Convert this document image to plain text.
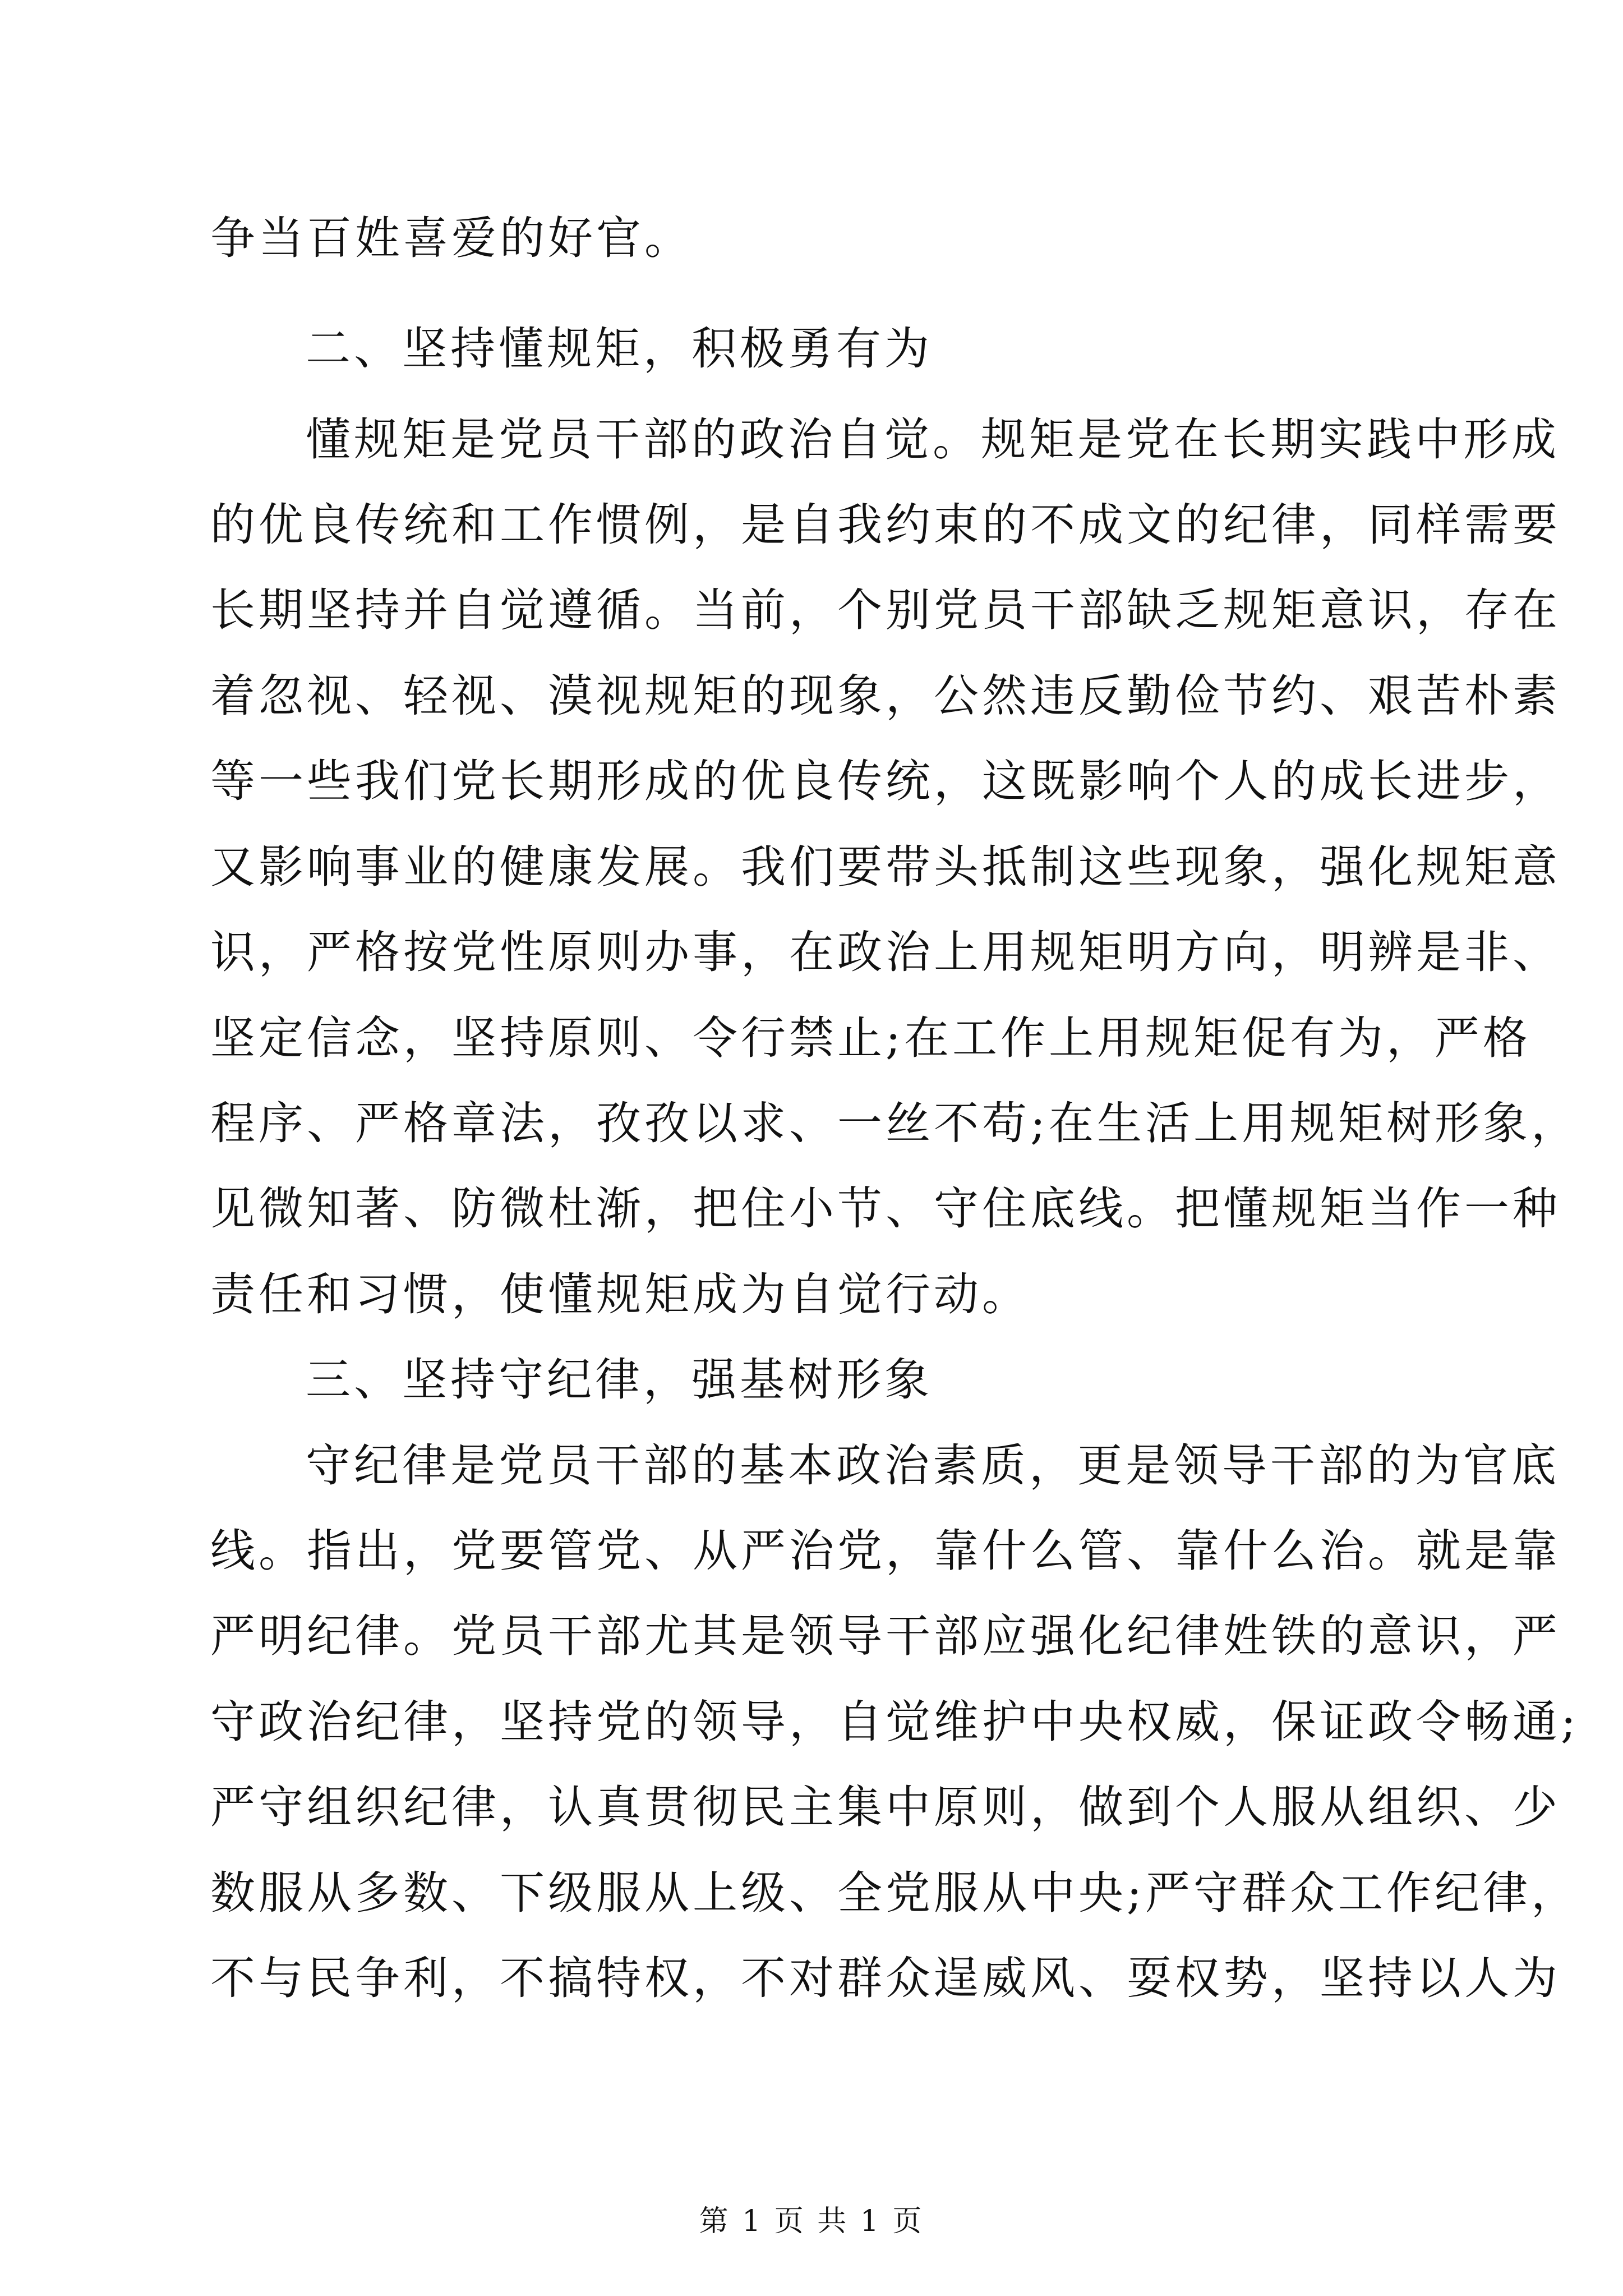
争当百姓喜爱的好官。
二、坚持懂规矩，积极勇有为
懂规矩是党员干部的政治自觉。规矩是党在长期实践中形成
的优良传统和工作惯例，是自我约束的不成文的纪律，同样需要
长期坚持并自觉遵循。当前，个别党员干部缺乏规矩意识，存在
着忽视、轻视、漠视规矩的现象，公然违反勤俭节约、艰苦朴素
等一些我们党长期形成的优良传统，这既影响个人的成长进步，
又影响事业的健康发展。我们要带头抵制这些现象，强化规矩意
识，严格按党性原则办事，在政治上用规矩明方向，明辨是非、
坚定信念，坚持原则、令行禁止;在工作上用规矩促有为，严格
程序、严格章法，孜孜以求、一丝不苟;在生活上用规矩树形象，
见微知著、防微杜渐，把住小节、守住底线。把懂规矩当作一种
责任和习惯，使懂规矩成为自觉行动。
三、坚持守纪律，强基树形象
守纪律是党员干部的基本政治素质，更是领导干部的为官底
线。指出，党要管党、从严治党，靠什么管、靠什么治。就是靠
严明纪律。党员干部尤其是领导干部应强化纪律姓铁的意识，严
守政治纪律，坚持党的领导，自觉维护中央权威，保证政令畅通;
严守组织纪律，认真贯彻民主集中原则，做到个人服从组织、少
数服从多数、下级服从上级、全党服从中央;严守群众工作纪律，
不与民争利，不搞特权，不对群众逞威风、耍权势，坚持以人为
第 1 页 共 1 页
